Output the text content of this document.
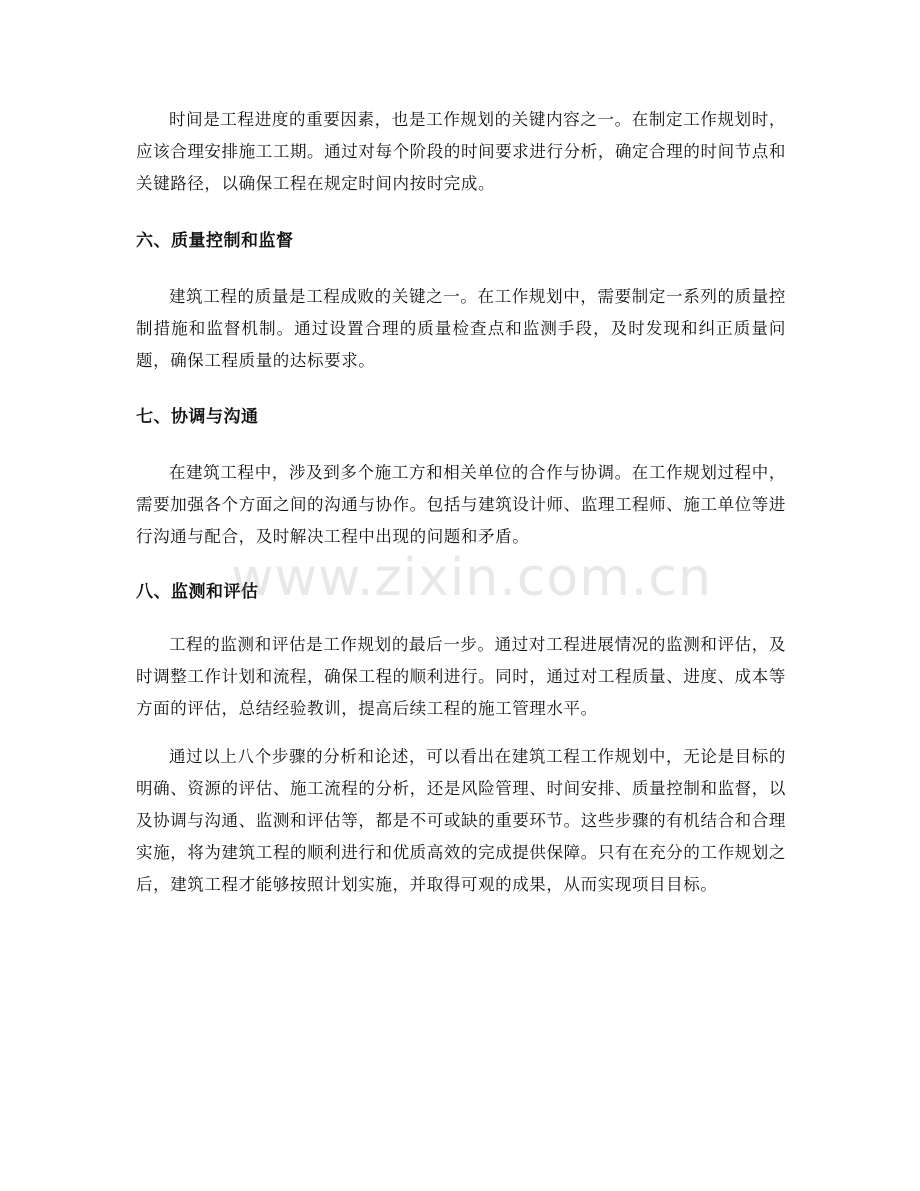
时间是工程进度的重要因素，也是工作规划的关键内容之一。在制定工作规划时，应该合理安排施工工期。通过对每个阶段的时间要求进行分析，确定合理的时间节点和关键路径，以确保工程在规定时间内按时完成。

六、质量控制和监督

建筑工程的质量是工程成败的关键之一。在工作规划中，需要制定一系列的质量控制措施和监督机制。通过设置合理的质量检查点和监测手段，及时发现和纠正质量问题，确保工程质量的达标要求。

七、协调与沟通

在建筑工程中，涉及到多个施工方和相关单位的合作与协调。在工作规划过程中，需要加强各个方面之间的沟通与协作。包括与建筑设计师、监理工程师、施工单位等进行沟通与配合，及时解决工程中出现的问题和矛盾。

八、监测和评估

工程的监测和评估是工作规划的最后一步。通过对工程进展情况的监测和评估，及时调整工作计划和流程，确保工程的顺利进行。同时，通过对工程质量、进度、成本等方面的评估，总结经验教训，提高后续工程的施工管理水平。

通过以上八个步骤的分析和论述，可以看出在建筑工程工作规划中，无论是目标的明确、资源的评估、施工流程的分析，还是风险管理、时间安排、质量控制和监督，以及协调与沟通、监测和评估等，都是不可或缺的重要环节。这些步骤的有机结合和合理实施，将为建筑工程的顺利进行和优质高效的完成提供保障。只有在充分的工作规划之后，建筑工程才能够按照计划实施，并取得可观的成果，从而实现项目目标。

www.zixin.com.cn
